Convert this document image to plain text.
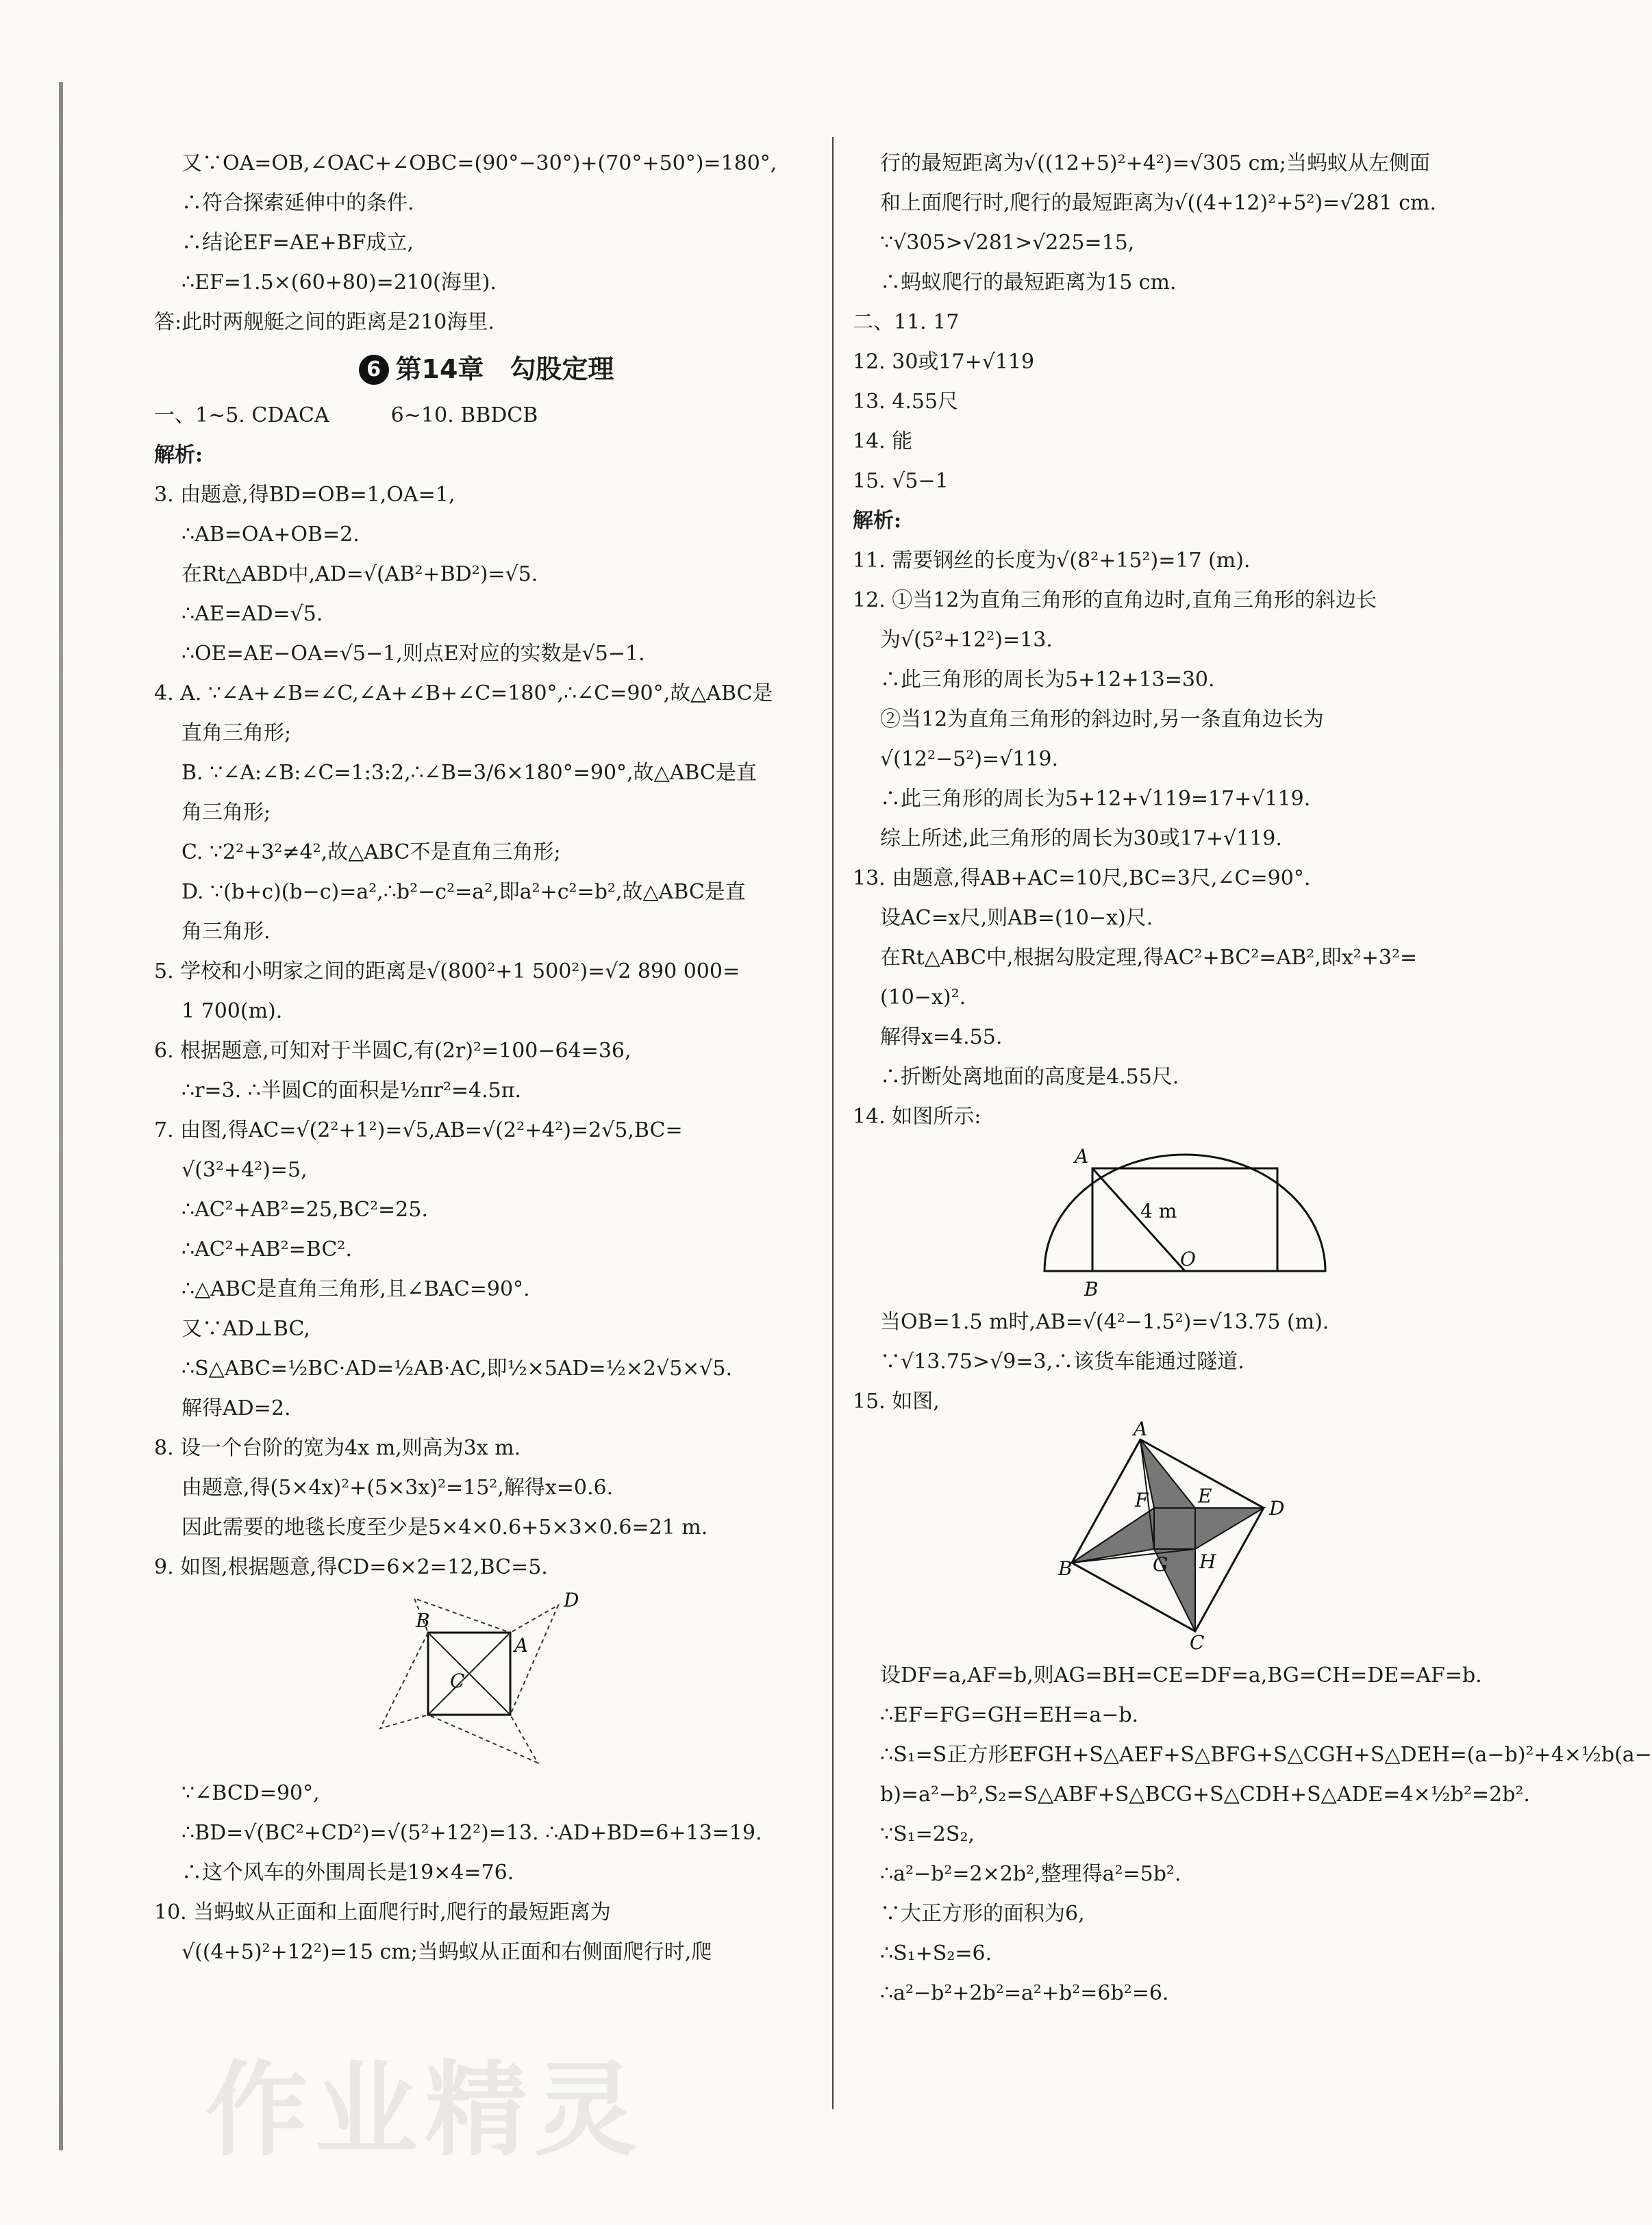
又∵OA=OB,∠OAC+∠OBC=(90°−30°)+(70°+50°)=180°,
∴符合探索延伸中的条件.
∴结论EF=AE+BF成立,
∴EF=1.5×(60+80)=210(海里).
答:此时两舰艇之间的距离是210海里.
6 第14章　勾股定理
一、1~5. CDACA　　　6~10. BBDCB
解析:
3. 由题意,得BD=OB=1,OA=1,
∴AB=OA+OB=2.
在Rt△ABD中,AD=√(AB²+BD²)=√5.
∴AE=AD=√5.
∴OE=AE−OA=√5−1,则点E对应的实数是√5−1.
4. A. ∵∠A+∠B=∠C,∠A+∠B+∠C=180°,∴∠C=90°,故△ABC是
直角三角形;
B. ∵∠A:∠B:∠C=1:3:2,∴∠B=3/6×180°=90°,故△ABC是直
角三角形;
C. ∵2²+3²≠4²,故△ABC不是直角三角形;
D. ∵(b+c)(b−c)=a²,∴b²−c²=a²,即a²+c²=b²,故△ABC是直
角三角形.
5. 学校和小明家之间的距离是√(800²+1 500²)=√2 890 000=
1 700(m).
6. 根据题意,可知对于半圆C,有(2r)²=100−64=36,
∴r=3. ∴半圆C的面积是½πr²=4.5π.
7. 由图,得AC=√(2²+1²)=√5,AB=√(2²+4²)=2√5,BC=
√(3²+4²)=5,
∴AC²+AB²=25,BC²=25.
∴AC²+AB²=BC².
∴△ABC是直角三角形,且∠BAC=90°.
又∵AD⊥BC,
∴S△ABC=½BC·AD=½AB·AC,即½×5AD=½×2√5×√5.
解得AD=2.
8. 设一个台阶的宽为4x m,则高为3x m.
由题意,得(5×4x)²+(5×3x)²=15²,解得x=0.6.
因此需要的地毯长度至少是5×4×0.6+5×3×0.6=21 m.
9. 如图,根据题意,得CD=6×2=12,BC=5.
B
A
C
D
∵∠BCD=90°,
∴BD=√(BC²+CD²)=√(5²+12²)=13. ∴AD+BD=6+13=19.
∴这个风车的外围周长是19×4=76.
10. 当蚂蚁从正面和上面爬行时,爬行的最短距离为
√((4+5)²+12²)=15 cm;当蚂蚁从正面和右侧面爬行时,爬
行的最短距离为√((12+5)²+4²)=√305 cm;当蚂蚁从左侧面
和上面爬行时,爬行的最短距离为√((4+12)²+5²)=√281 cm.
∵√305>√281>√225=15,
∴蚂蚁爬行的最短距离为15 cm.
二、11. 17
12. 30或17+√119
13. 4.55尺
14. 能
15. √5−1
解析:
11. 需要钢丝的长度为√(8²+15²)=17 (m).
12. ①当12为直角三角形的直角边时,直角三角形的斜边长
为√(5²+12²)=13.
∴此三角形的周长为5+12+13=30.
②当12为直角三角形的斜边时,另一条直角边长为
√(12²−5²)=√119.
∴此三角形的周长为5+12+√119=17+√119.
综上所述,此三角形的周长为30或17+√119.
13. 由题意,得AB+AC=10尺,BC=3尺,∠C=90°.
设AC=x尺,则AB=(10−x)尺.
在Rt△ABC中,根据勾股定理,得AC²+BC²=AB²,即x²+3²=
(10−x)².
解得x=4.55.
∴折断处离地面的高度是4.55尺.
14. 如图所示:
A
4 m
B
O
当OB=1.5 m时,AB=√(4²−1.5²)=√13.75 (m).
∵√13.75>√9=3,∴该货车能通过隧道.
15. 如图,
A
F	E
D
B	G H
C
设DF=a,AF=b,则AG=BH=CE=DF=a,BG=CH=DE=AF=b.
∴EF=FG=GH=EH=a−b.
∴S₁=S正方形EFGH+S△AEF+S△BFG+S△CGH+S△DEH=(a−b)²+4×½b(a−
b)=a²−b²,S₂=S△ABF+S△BCG+S△CDH+S△ADE=4×½b²=2b².
∵S₁=2S₂,
∴a²−b²=2×2b²,整理得a²=5b².
∵大正方形的面积为6,
∴S₁+S₂=6.
∴a²−b²+2b²=a²+b²=6b²=6.
作业精灵
